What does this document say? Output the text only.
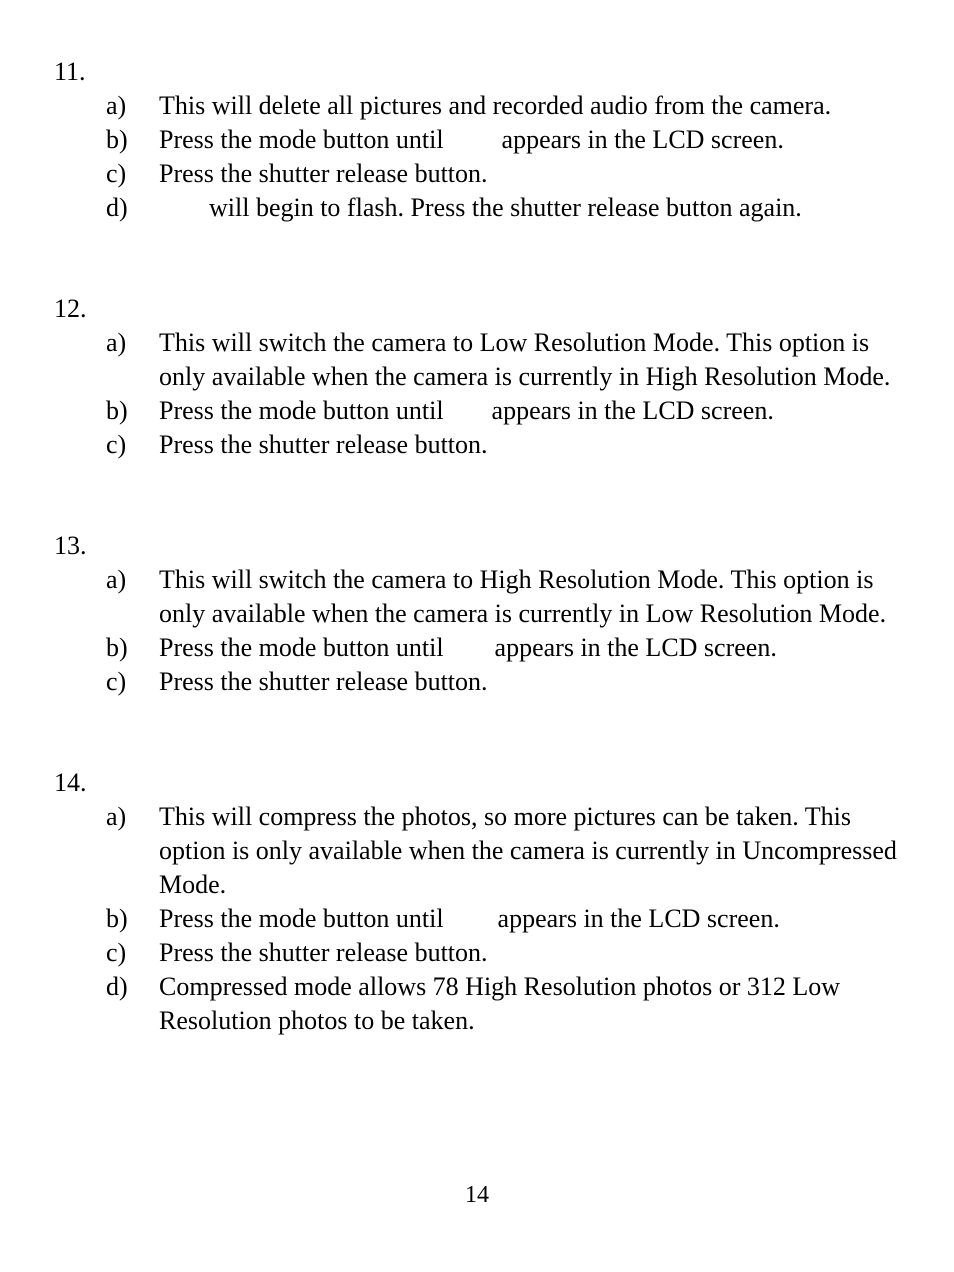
11.
a) This will delete all pictures and recorded audio from the camera.
b) Press the mode button until appears in the LCD screen.
c) Press the shutter release button.
d)	will begin to flash. Press the shutter release button again.
12.
a) This will switch the camera to Low Resolution Mode. This option is only available when the camera is currently in High Resolution Mode.
b) Press the mode button until appears in the LCD screen.
c) Press the shutter release button.
13.
a) This will switch the camera to High Resolution Mode. This option is only available when the camera is currently in Low Resolution Mode.
b) Press the mode button until appears in the LCD screen.
c) Press the shutter release button.
14.
a) This will compress the photos, so more pictures can be taken. This option is only available when the camera is currently in Uncompressed Mode.
b) Press the mode button until appears in the LCD screen.
c) Press the shutter release button.
d) Compressed mode allows 78 High Resolution photos or 312 Low Resolution photos to be taken.
14
